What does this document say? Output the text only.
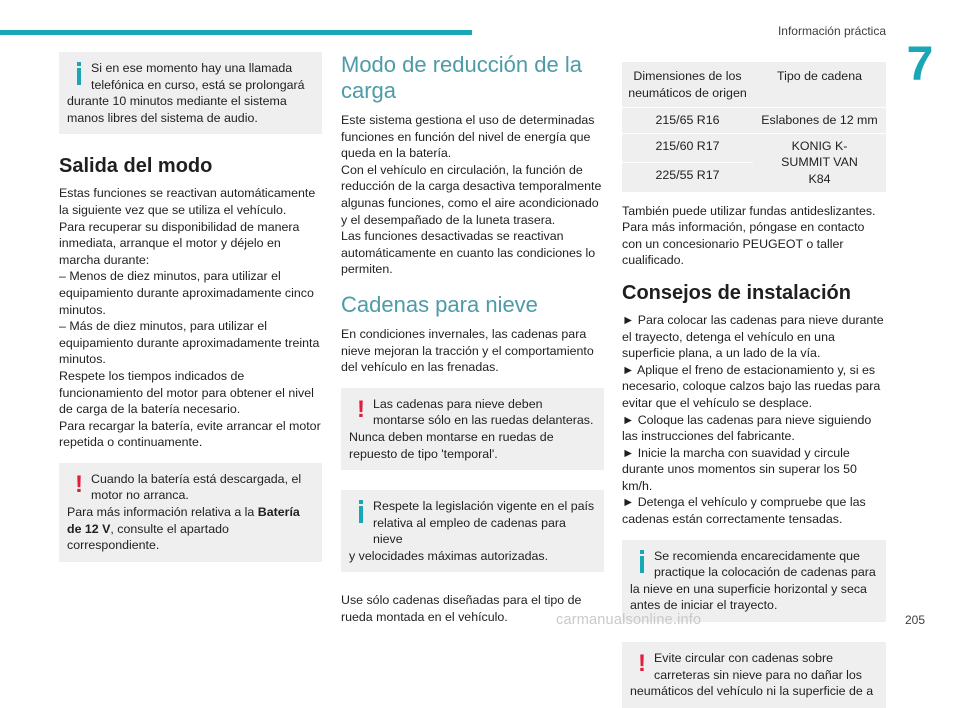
Información práctica
7
Si en ese momento hay una llamada telefónica en curso, está se prolongará
durante 10 minutos mediante el sistema manos libres del sistema de audio.
Salida del modo

Estas funciones se reactivan automáticamente la siguiente vez que se utiliza el vehículo.

Para recuperar su disponibilidad de manera inmediata, arranque el motor y déjelo en marcha durante:

– Menos de diez minutos, para utilizar el equipamiento durante aproximadamente cinco minutos.

– Más de diez minutos, para utilizar el equipamiento durante aproximadamente treinta minutos.

Respete los tiempos indicados de funcionamiento del motor para obtener el nivel de carga de la batería necesario.

Para recargar la batería, evite arrancar el motor repetida o continuamente.

! Cuando la batería está descargada, el motor no arranca.
Para más información relativa a la Batería de 12 V, consulte el apartado correspondiente.
Modo de reducción de la carga

Este sistema gestiona el uso de determinadas funciones en función del nivel de energía que queda en la batería.

Con el vehículo en circulación, la función de reducción de la carga desactiva temporalmente algunas funciones, como el aire acondicionado y el desempañado de la luneta trasera.

Las funciones desactivadas se reactivan automáticamente en cuanto las condiciones lo permiten.

Cadenas para nieve

En condiciones invernales, las cadenas para nieve mejoran la tracción y el comportamiento del vehículo en las frenadas.

! Las cadenas para nieve deben montarse sólo en las ruedas delanteras.
Nunca deben montarse en ruedas de repuesto de tipo 'temporal'.
Respete la legislación vigente en el país relativa al empleo de cadenas para nieve
y velocidades máximas autorizadas.

Use sólo cadenas diseñadas para el tipo de rueda montada en el vehículo.

Dimensiones de los neumáticos de origen	Tipo de cadena
215/65 R16	Eslabones de 12 mm
215/60 R17	KONIG K-SUMMIT VAN K84
225/55 R17	

También puede utilizar fundas antideslizantes.

Para más información, póngase en contacto con un concesionario PEUGEOT o taller cualificado.

Consejos de instalación

► Para colocar las cadenas para nieve durante el trayecto, detenga el vehículo en una superficie plana, a un lado de la vía.

► Aplique el freno de estacionamiento y, si es necesario, coloque calzos bajo las ruedas para evitar que el vehículo se desplace.

► Coloque las cadenas para nieve siguiendo las instrucciones del fabricante.

► Inicie la marcha con suavidad y circule durante unos momentos sin superar los 50 km/h.

► Detenga el vehículo y compruebe que las cadenas están correctamente tensadas.

Se recomienda encarecidamente que practique la colocación de cadenas para
la nieve en una superficie horizontal y seca antes de iniciar el trayecto.
! Evite circular con cadenas sobre carreteras sin nieve para no dañar los
neumáticos del vehículo ni la superficie de a
carmanualsonline.info	205
